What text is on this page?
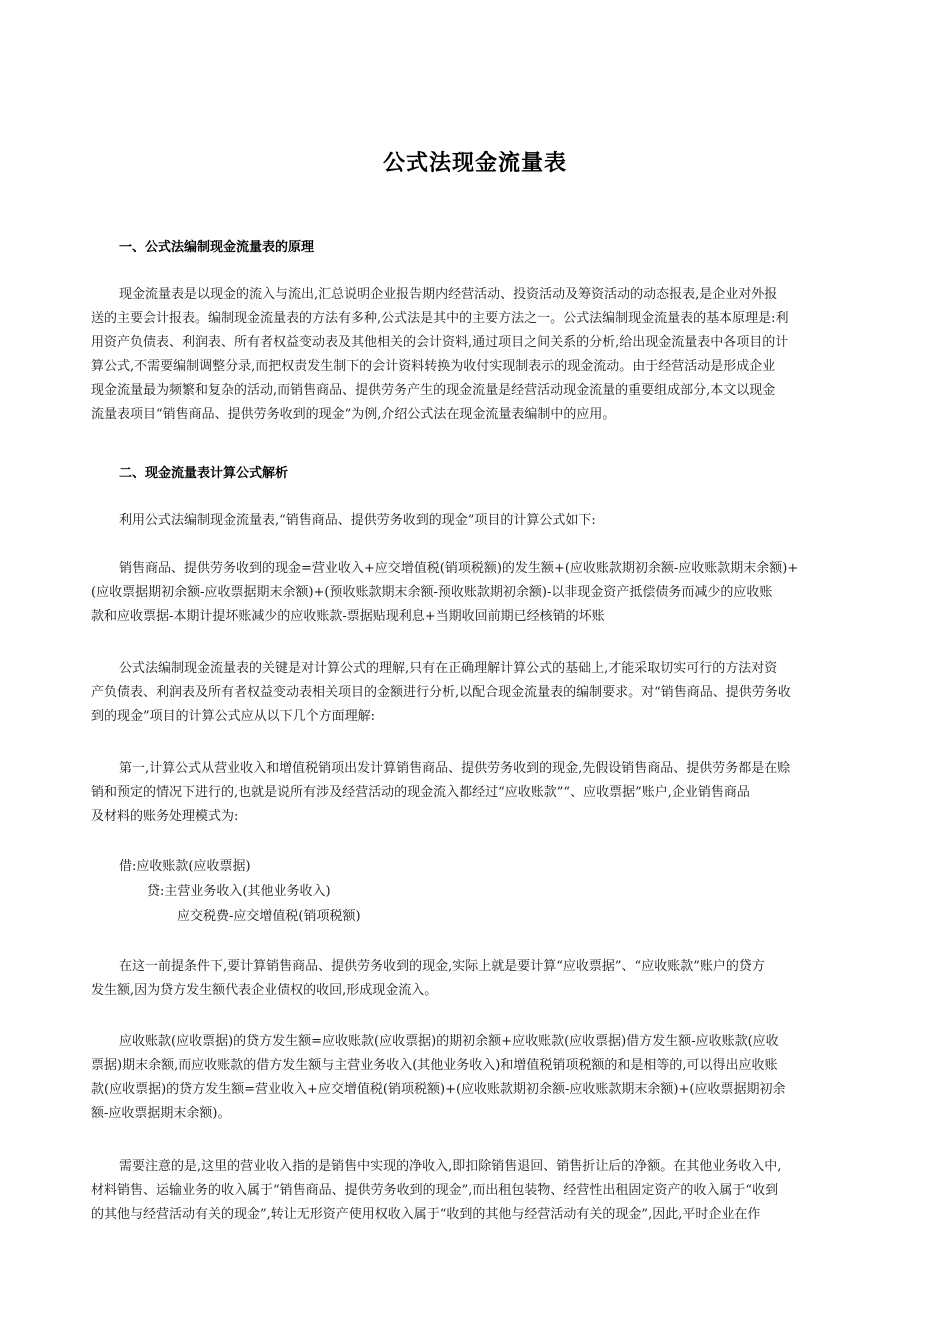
公式法现金流量表
一、公式法编制现金流量表的原理
现金流量表是以现金的流入与流出,汇总说明企业报告期内经营活动、投资活动及筹资活动的动态报表,是企业对外报
送的主要会计报表。编制现金流量表的方法有多种,公式法是其中的主要方法之一。公式法编制现金流量表的基本原理是:利
用资产负债表、利润表、所有者权益变动表及其他相关的会计资料,通过项目之间关系的分析,给出现金流量表中各项目的计
算公式,不需要编制调整分录,而把权责发生制下的会计资料转换为收付实现制表示的现金流动。由于经营活动是形成企业
现金流量最为频繁和复杂的活动,而销售商品、提供劳务产生的现金流量是经营活动现金流量的重要组成部分,本文以现金
流量表项目“销售商品、提供劳务收到的现金”为例,介绍公式法在现金流量表编制中的应用。
二、现金流量表计算公式解析
利用公式法编制现金流量表,“销售商品、提供劳务收到的现金”项目的计算公式如下:
销售商品、提供劳务收到的现金=营业收入+应交增值税(销项税额)的发生额+(应收账款期初余额-应收账款期末余额)+
(应收票据期初余额-应收票据期末余额)+(预收账款期末余额-预收账款期初余额)-以非现金资产抵偿债务而减少的应收账
款和应收票据-本期计提坏账减少的应收账款-票据贴现利息+当期收回前期已经核销的坏账
公式法编制现金流量表的关键是对计算公式的理解,只有在正确理解计算公式的基础上,才能采取切实可行的方法对资
产负债表、利润表及所有者权益变动表相关项目的金额进行分析,以配合现金流量表的编制要求。对“销售商品、提供劳务收
到的现金”项目的计算公式应从以下几个方面理解:
第一,计算公式从营业收入和增值税销项出发计算销售商品、提供劳务收到的现金,先假设销售商品、提供劳务都是在赊
销和预定的情况下进行的,也就是说所有涉及经营活动的现金流入都经过“应收账款”“、应收票据”账户,企业销售商品
及材料的账务处理模式为:
借:应收账款(应收票据)
贷:主营业务收入(其他业务收入)
应交税费-应交增值税(销项税额)
在这一前提条件下,要计算销售商品、提供劳务收到的现金,实际上就是要计算“应收票据”、“应收账款”账户的贷方
发生额,因为贷方发生额代表企业债权的收回,形成现金流入。
应收账款(应收票据)的贷方发生额=应收账款(应收票据)的期初余额+应收账款(应收票据)借方发生额-应收账款(应收
票据)期末余额,而应收账款的借方发生额与主营业务收入(其他业务收入)和增值税销项税额的和是相等的,可以得出应收账
款(应收票据)的贷方发生额=营业收入+应交增值税(销项税额)+(应收账款期初余额-应收账款期末余额)+(应收票据期初余
额-应收票据期末余额)。
需要注意的是,这里的营业收入指的是销售中实现的净收入,即扣除销售退回、销售折让后的净额。在其他业务收入中,
材料销售、运输业务的收入属于“销售商品、提供劳务收到的现金”,而出租包装物、经营性出租固定资产的收入属于“收到
的其他与经营活动有关的现金”,转让无形资产使用权收入属于“收到的其他与经营活动有关的现金”,因此,平时企业在作
